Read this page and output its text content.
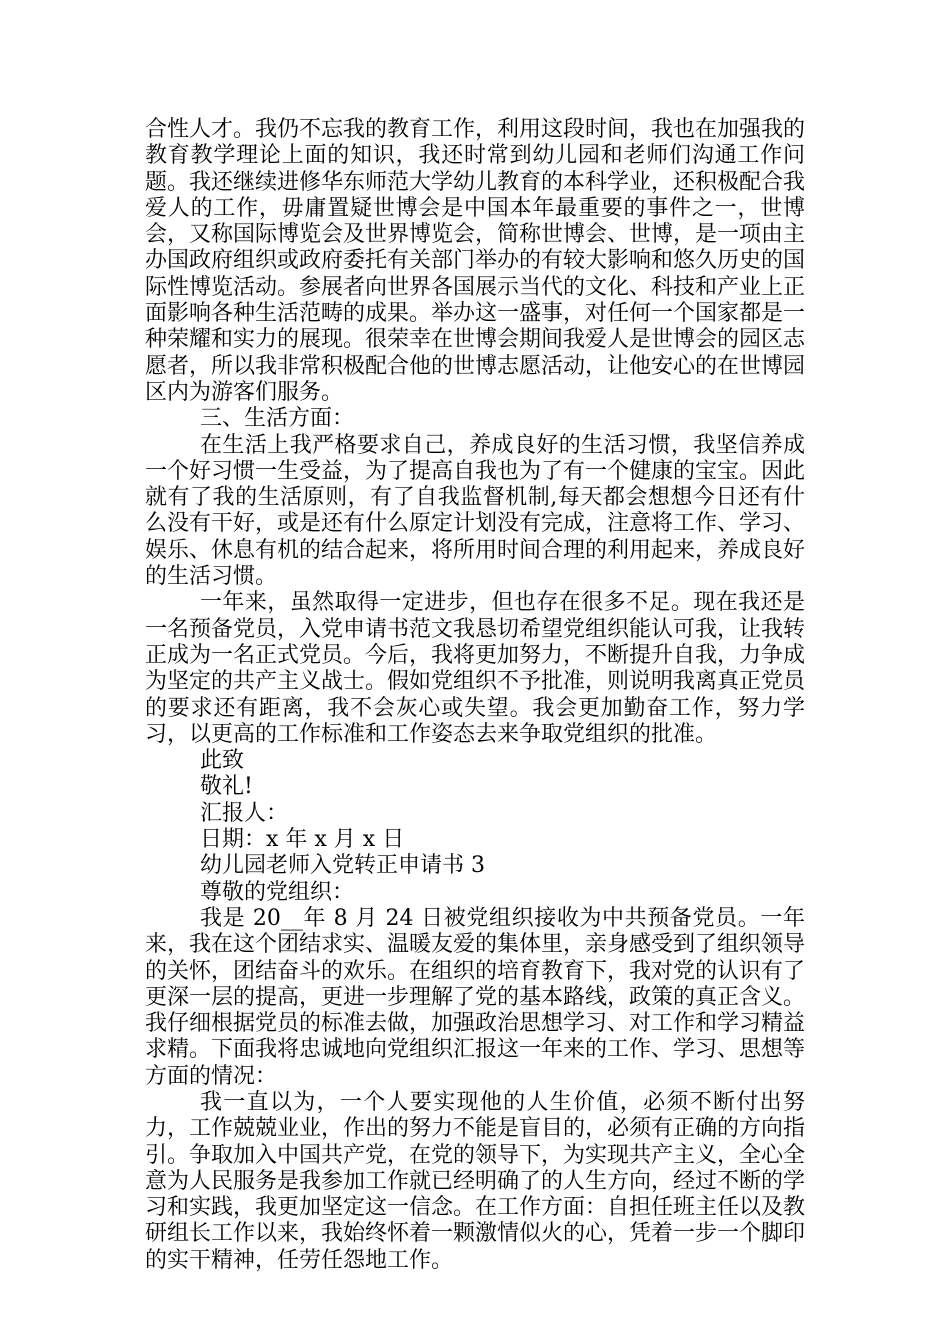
合性人才。我仍不忘我的教育工作，利用这段时间，我也在加强我的教育教学理论上面的知识，我还时常到幼儿园和老师们沟通工作问题。我还继续进修华东师范大学幼儿教育的本科学业，还积极配合我爱人的工作，毋庸置疑世博会是中国本年最重要的事件之一，世博会，又称国际博览会及世界博览会，简称世博会、世博，是一项由主办国政府组织或政府委托有关部门举办的有较大影响和悠久历史的国际性博览活动。参展者向世界各国展示当代的文化、科技和产业上正面影响各种生活范畴的成果。举办这一盛事，对任何一个国家都是一种荣耀和实力的展现。很荣幸在世博会期间我爱人是世博会的园区志愿者，所以我非常积极配合他的世博志愿活动，让他安心的在世博园区内为游客们服务。

三、生活方面：

在生活上我严格要求自己，养成良好的生活习惯，我坚信养成一个好习惯一生受益，为了提高自我也为了有一个健康的宝宝。因此就有了我的生活原则，有了自我监督机制,每天都会想想今日还有什么没有干好，或是还有什么原定计划没有完成，注意将工作、学习、娱乐、休息有机的结合起来，将所用时间合理的利用起来，养成良好的生活习惯。

一年来，虽然取得一定进步，但也存在很多不足。现在我还是一名预备党员，入党申请书范文我恳切希望党组织能认可我，让我转正成为一名正式党员。今后，我将更加努力，不断提升自我，力争成为坚定的共产主义战士。假如党组织不予批准，则说明我离真正党员的要求还有距离，我不会灰心或失望。我会更加勤奋工作，努力学习，以更高的工作标准和工作姿态去来争取党组织的批准。

此致

敬礼!

汇报人：

日期：x 年 x 月 x 日

幼儿园老师入党转正申请书 3

尊敬的党组织：

我是 20__年 8 月 24 日被党组织接收为中共预备党员。一年来，我在这个团结求实、温暖友爱的集体里，亲身感受到了组织领导的关怀，团结奋斗的欢乐。在组织的培育教育下，我对党的认识有了更深一层的提高，更进一步理解了党的基本路线，政策的真正含义。我仔细根据党员的标准去做，加强政治思想学习、对工作和学习精益求精。下面我将忠诚地向党组织汇报这一年来的工作、学习、思想等方面的情况：

我一直以为，一个人要实现他的人生价值，必须不断付出努力，工作兢兢业业，作出的努力不能是盲目的，必须有正确的方向指引。争取加入中国共产党，在党的领导下，为实现共产主义，全心全意为人民服务是我参加工作就已经明确了的人生方向，经过不断的学习和实践，我更加坚定这一信念。在工作方面：自担任班主任以及教研组长工作以来，我始终怀着一颗激情似火的心，凭着一步一个脚印的实干精神，任劳任怨地工作。
